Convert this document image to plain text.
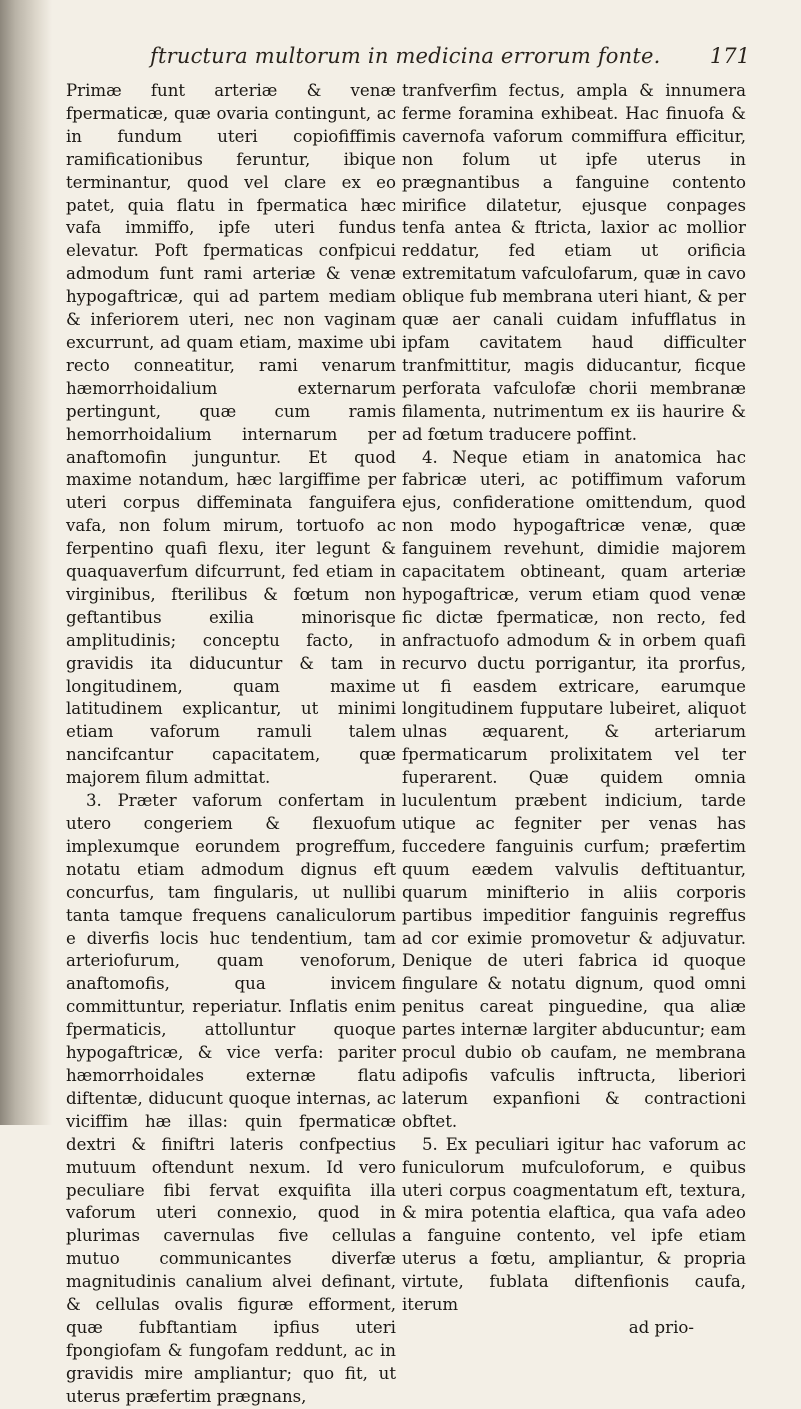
ftructura multorum in medicina errorum fonte. 171

Primæ funt arteriæ & venæ fpermaticæ, quæ ovaria contingunt, ac in fundum uteri copiofiffimis ramificationibus feruntur, ibique terminantur, quod vel clare ex eo patet, quia flatu in fpermatica hæc vafa immiffo, ipfe uteri fundus elevatur. Poft fpermaticas confpicui admodum funt rami arteriæ & venæ hypogaftricæ, qui ad partem mediam & inferiorem uteri, nec non vaginam excurrunt, ad quam etiam, maxime ubi recto conneatitur, rami venarum hæmorrhoidalium externarum pertingunt, quæ cum ramis hemorrhoidalium internarum per anaftomofin junguntur. Et quod maxime notandum, hæc largiffime per uteri corpus diffeminata fanguifera vafa, non folum mirum, tortuofo ac ferpentino quafi flexu, iter legunt & quaquaverfum difcurrunt, fed etiam in virginibus, fterilibus & fœtum non geftantibus exilia minorisque amplitudinis; conceptu facto, in gravidis ita diducuntur & tam in longitudinem, quam maxime latitudinem explicantur, ut minimi etiam vaforum ramuli talem nancifcantur capacitatem, quæ majorem filum admittat.

3. Præter vaforum confertam in utero congeriem & flexuofum implexumque eorundem progreffum, notatu etiam admodum dignus eft concurfus, tam fingularis, ut nullibi tanta tamque frequens canaliculorum e diverfis locis huc tendentium, tam arteriofurum, quam venoforum, anaftomofis, qua invicem committuntur, reperiatur. Inflatis enim fpermaticis, attolluntur quoque hypogaftricæ, & vice verfa: pariter hæmorrhoidales externæ flatu diftentæ, diducunt quoque internas, ac viciffim hæ illas: quin fpermaticæ dextri & finiftri lateris confpectius mutuum oftendunt nexum. Id vero peculiare fibi fervat exquifita illa vaforum uteri connexio, quod in plurimas cavernulas five cellulas mutuo communicantes diverfæ magnitudinis canalium alvei definant, & cellulas ovalis figuræ efforment, quæ fubftantiam ipfius uteri fpongiofam & fungofam reddunt, ac in gravidis mire ampliantur; quo fit, ut uterus præfertim prægnans,

tranfverfim fectus, ampla & innumera ferme foramina exhibeat. Hac finuofa & cavernofa vaforum commiffura efficitur, non folum ut ipfe uterus in prægnantibus a fanguine contento mirifice dilatetur, ejusque conpages tenfa antea & ftricta, laxior ac mollior reddatur, fed etiam ut orificia extremitatum vafculofarum, quæ in cavo oblique fub membrana uteri hiant, & per quæ aer canali cuidam infufflatus in ipfam cavitatem haud difficulter tranfmittitur, magis diducantur, ficque perforata vafculofæ chorii membranæ filamenta, nutrimentum ex iis haurire & ad fœtum traducere poffint.

4. Neque etiam in anatomica hac fabricæ uteri, ac potiffimum vaforum ejus, confideratione omittendum, quod non modo hypogaftricæ venæ, quæ fanguinem revehunt, dimidie majorem capacitatem obtineant, quam arteriæ hypogaftricæ, verum etiam quod venæ fic dictæ fpermaticæ, non recto, fed anfractuofo admodum & in orbem quafi recurvo ductu porrigantur, ita prorfus, ut fi easdem extricare, earumque longitudinem fupputare lubeiret, aliquot ulnas æquarent, & arteriarum fpermaticarum prolixitatem vel ter fuperarent. Quæ quidem omnia luculentum præbent indicium, tarde utique ac fegniter per venas has fuccedere fanguinis curfum; præfertim quum eædem valvulis deftituantur, quarum minifterio in aliis corporis partibus impeditior fanguinis regreffus ad cor eximie promovetur & adjuvatur. Denique de uteri fabrica id quoque fingulare & notatu dignum, quod omni penitus careat pinguedine, qua aliæ partes internæ largiter abducuntur; eam procul dubio ob caufam, ne membrana adipofis vafculis inftructa, liberiori laterum expanfioni & contractioni obftet.

5. Ex peculiari igitur hac vaforum ac funiculorum mufculoforum, e quibus uteri corpus coagmentatum eft, textura, & mira potentia elaftica, qua vafa adeo a fanguine contento, vel ipfe etiam uterus a fœtu, ampliantur, & propria virtute, fublata diftenfionis caufa, iterum

ad prio-
